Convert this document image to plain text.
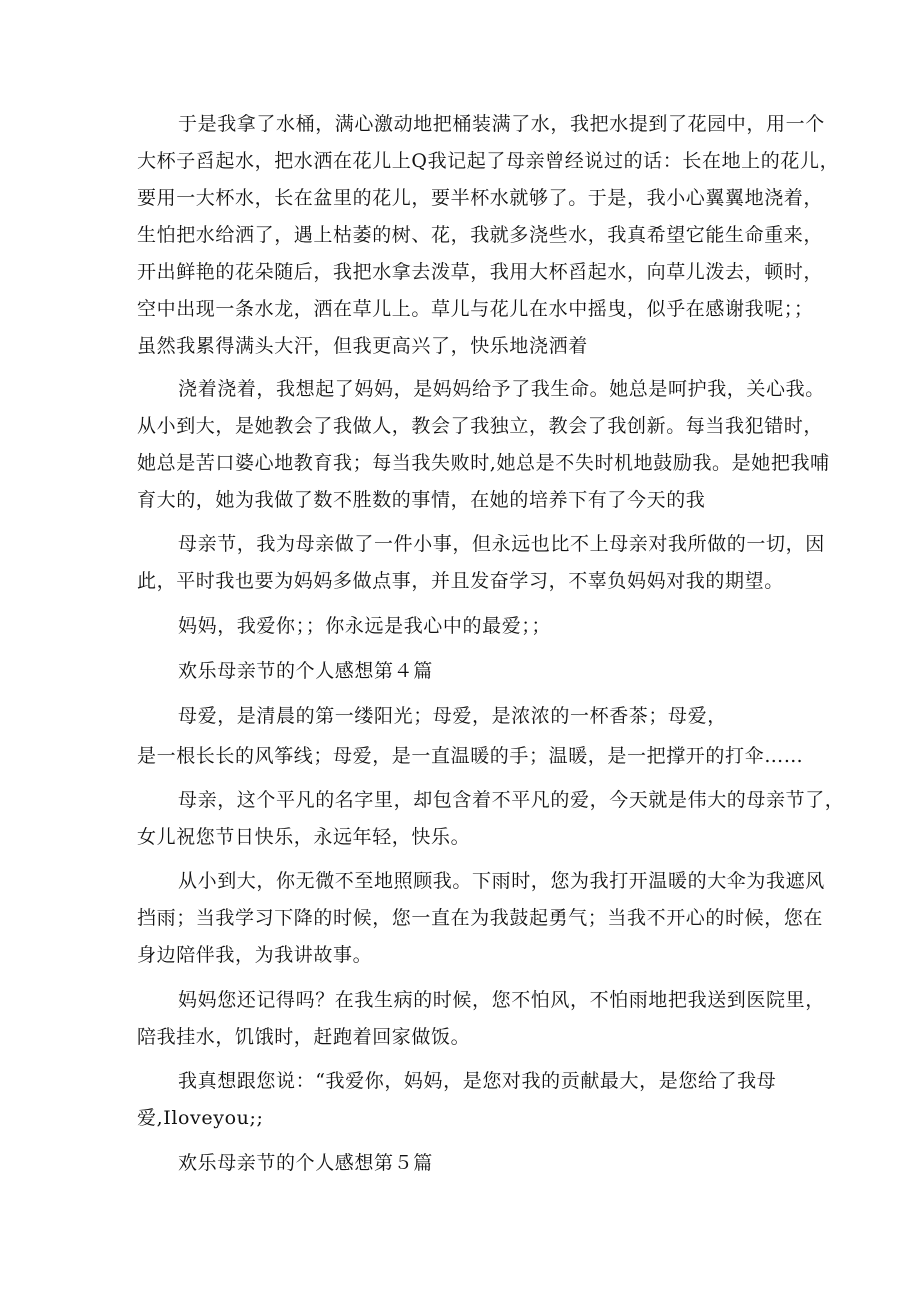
于是我拿了水桶，满心激动地把桶装满了水，我把水提到了花园中，用一个
大杯子舀起水，把水洒在花儿上Q我记起了母亲曾经说过的话：长在地上的花儿，
要用一大杯水，长在盆里的花儿，要半杯水就够了。于是，我小心翼翼地浇着，
生怕把水给洒了，遇上枯萎的树、花，我就多浇些水，我真希望它能生命重来，
开出鲜艳的花朵随后，我把水拿去泼草，我用大杯舀起水，向草儿泼去，顿时，
空中出现一条水龙，洒在草儿上。草儿与花儿在水中摇曳，似乎在感谢我呢；；
虽然我累得满头大汗，但我更高兴了，快乐地浇洒着
浇着浇着，我想起了妈妈，是妈妈给予了我生命。她总是呵护我，关心我。
从小到大，是她教会了我做人，教会了我独立，教会了我创新。每当我犯错时，
她总是苦口婆心地教育我；每当我失败时,她总是不失时机地鼓励我。是她把我哺
育大的，她为我做了数不胜数的事情，在她的培养下有了今天的我
母亲节，我为母亲做了一件小事，但永远也比不上母亲对我所做的一切，因
此，平时我也要为妈妈多做点事，并且发奋学习，不辜负妈妈对我的期望。
妈妈，我爱你；；你永远是我心中的最爱；；
欢乐母亲节的个人感想第４篇
母爱，是清晨的第一缕阳光；母爱，是浓浓的一杯香茶；母爱，
是一根长长的风筝线；母爱，是一直温暖的手；温暖，是一把撑开的打伞……
母亲，这个平凡的名字里，却包含着不平凡的爱，今天就是伟大的母亲节了，
女儿祝您节日快乐，永远年轻，快乐。
从小到大，你无微不至地照顾我。下雨时，您为我打开温暖的大伞为我遮风
挡雨；当我学习下降的时候，您一直在为我鼓起勇气；当我不开心的时候，您在
身边陪伴我，为我讲故事。
妈妈您还记得吗？在我生病的时候，您不怕风，不怕雨地把我送到医院里，
陪我挂水，饥饿时，赶跑着回家做饭。
我真想跟您说：“我爱你，妈妈，是您对我的贡献最大，是您给了我母
爱,Iloveyou;;
欢乐母亲节的个人感想第５篇
